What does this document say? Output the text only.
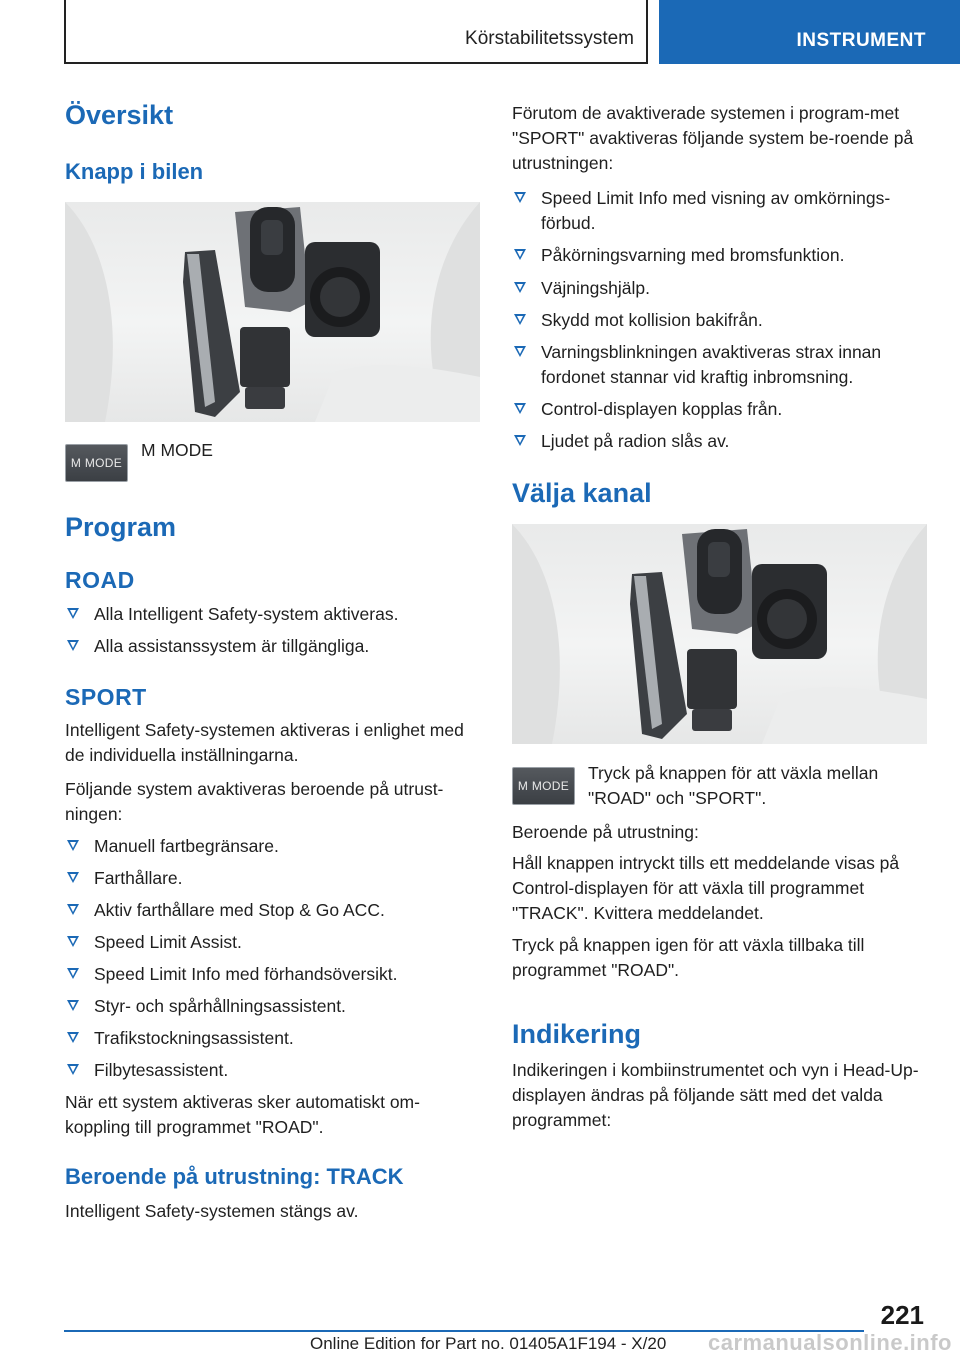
Körstabilitetssystem	INSTRUMENT
Översikt
Knapp i bilen
M MODE
M MODE
Program
ROAD
Alla Intelligent Safety-system aktiveras.
Alla assistanssystem är tillgängliga.
SPORT
Intelligent Safety-systemen aktiveras i enlighet med de individuella inställningarna.
Följande system avaktiveras beroende på utrust‐ningen:
Manuell fartbegränsare.
Farthållare.
Aktiv farthållare med Stop & Go ACC.
Speed Limit Assist.
Speed Limit Info med förhandsöversikt.
Styr- och spårhållningsassistent.
Trafikstockningsassistent.
Filbytesassistent.
När ett system aktiveras sker automatiskt om‐koppling till programmet "ROAD".
Beroende på utrustning: TRACK
Intelligent Safety-systemen stängs av.
Förutom de avaktiverade systemen i program‐met "SPORT" avaktiveras följande system be‐roende på utrustningen:
Speed Limit Info med visning av omkörnings‐förbud.
Påkörningsvarning med bromsfunktion.
Väjningshjälp.
Skydd mot kollision bakifrån.
Varningsblinkningen avaktiveras strax innan fordonet stannar vid kraftig inbromsning.
Control-displayen kopplas från.
Ljudet på radion slås av.
Välja kanal
M MODE
Tryck på knappen för att växla mellan "ROAD" och "SPORT".
Beroende på utrustning:
Håll knappen intryckt tills ett meddelande visas på Control-displayen för att växla till programmet "TRACK". Kvittera meddelandet.
Tryck på knappen igen för att växla tillbaka till programmet "ROAD".
Indikering
Indikeringen i kombiinstrumentet och vyn i Head-Up-displayen ändras på följande sätt med det valda programmet:
221
Online Edition for Part no. 01405A1F194 - X/20 carmanualsonline.info
